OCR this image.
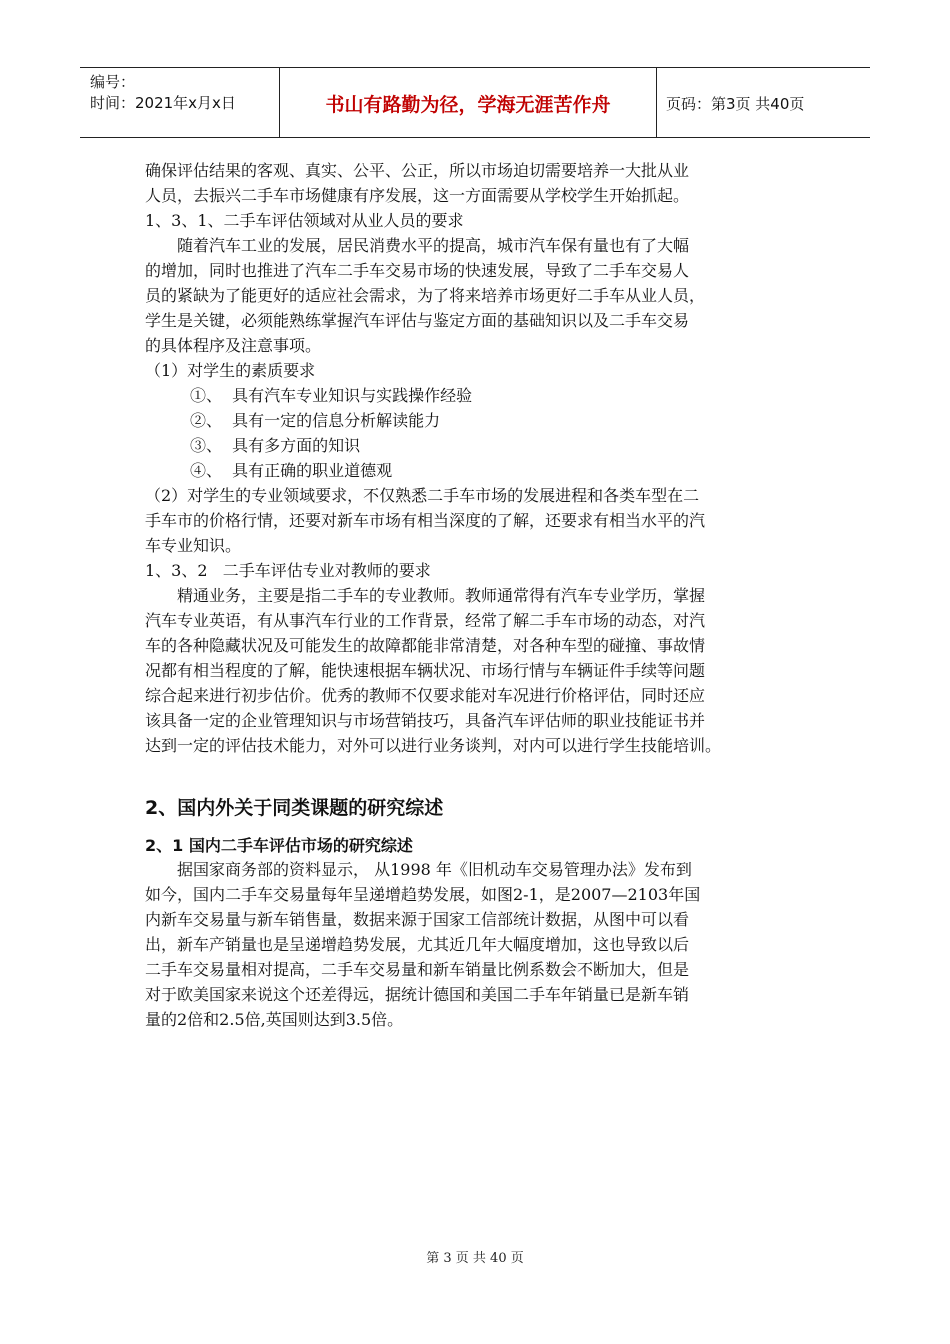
编号：
时间：2021年x月x日	书山有路勤为径，学海无涯苦作舟	页码：第3页 共40页
确保评估结果的客观、真实、公平、公正，所以市场迫切需要培养一大批从业
人员，去振兴二手车市场健康有序发展，这一方面需要从学校学生开始抓起。
1、3、1、二手车评估领域对从业人员的要求
随着汽车工业的发展，居民消费水平的提高，城市汽车保有量也有了大幅
的增加，同时也推进了汽车二手车交易市场的快速发展，导致了二手车交易人
员的紧缺为了能更好的适应社会需求，为了将来培养市场更好二手车从业人员，
学生是关键，必须能熟练掌握汽车评估与鉴定方面的基础知识以及二手车交易
的具体程序及注意事项。
（1）对学生的素质要求
①、  具有汽车专业知识与实践操作经验
②、  具有一定的信息分析解读能力
③、  具有多方面的知识
④、  具有正确的职业道德观
（2）对学生的专业领域要求，不仅熟悉二手车市场的发展进程和各类车型在二
手车市的价格行情，还要对新车市场有相当深度的了解，还要求有相当水平的汽
车专业知识。
1、3、2   二手车评估专业对教师的要求
精通业务，主要是指二手车的专业教师。教师通常得有汽车专业学历，掌握
汽车专业英语，有从事汽车行业的工作背景，经常了解二手车市场的动态，对汽
车的各种隐藏状况及可能发生的故障都能非常清楚，对各种车型的碰撞、事故情
况都有相当程度的了解，能快速根据车辆状况、市场行情与车辆证件手续等问题
综合起来进行初步估价。优秀的教师不仅要求能对车况进行价格评估，同时还应
该具备一定的企业管理知识与市场营销技巧，具备汽车评估师的职业技能证书并
达到一定的评估技术能力，对外可以进行业务谈判，对内可以进行学生技能培训。
2、国内外关于同类课题的研究综述
2、1 国内二手车评估市场的研究综述
据国家商务部的资料显示， 从1998 年《旧机动车交易管理办法》发布到
如今，国内二手车交易量每年呈递增趋势发展，如图2-1，是2007—2103年国
内新车交易量与新车销售量，数据来源于国家工信部统计数据，从图中可以看
出，新车产销量也是呈递增趋势发展，尤其近几年大幅度增加，这也导致以后
二手车交易量相对提高，二手车交易量和新车销量比例系数会不断加大，但是
对于欧美国家来说这个还差得远，据统计德国和美国二手车年销量已是新车销
量的2倍和2.5倍,英国则达到3.5倍。
第 3 页 共 40 页
